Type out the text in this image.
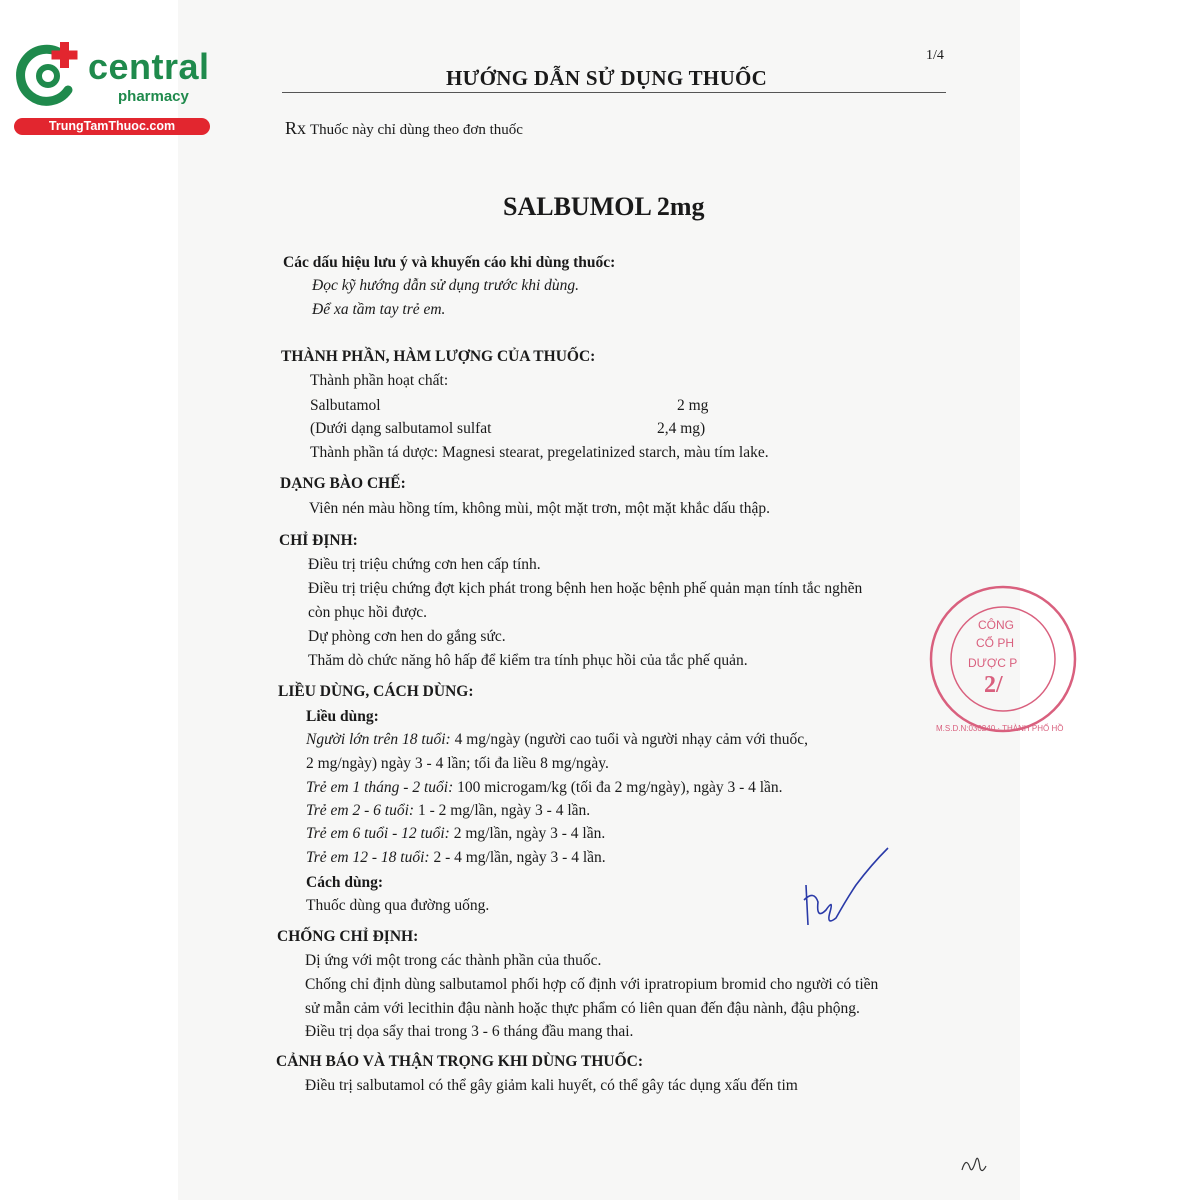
central
pharmacy
TrungTamThuoc.com
1/4
HƯỚNG DẪN SỬ DỤNG THUỐC
Rx Thuốc này chỉ dùng theo đơn thuốc
SALBUMOL 2mg
Các dấu hiệu lưu ý và khuyến cáo khi dùng thuốc:
Đọc kỹ hướng dẫn sử dụng trước khi dùng.
Để xa tầm tay trẻ em.
THÀNH PHẦN, HÀM LƯỢNG CỦA THUỐC:
Thành phần hoạt chất:
Salbutamol	2 mg
(Dưới dạng salbutamol sulfat	2,4 mg)
Thành phần tá dược: Magnesi stearat, pregelatinized starch, màu tím lake.
DẠNG BÀO CHẾ:
Viên nén màu hồng tím, không mùi, một mặt trơn, một mặt khắc dấu thập.
CHỈ ĐỊNH:
Điều trị triệu chứng cơn hen cấp tính.
Điều trị triệu chứng đợt kịch phát trong bệnh hen hoặc bệnh phế quản mạn tính tắc nghẽn
còn phục hồi được.
Dự phòng cơn hen do gắng sức.
Thăm dò chức năng hô hấp để kiểm tra tính phục hồi của tắc phế quản.
LIỀU DÙNG, CÁCH DÙNG:
Liều dùng:
Người lớn trên 18 tuổi: 4 mg/ngày (người cao tuổi và người nhạy cảm với thuốc,
2 mg/ngày) ngày 3 - 4 lần; tối đa liều 8 mg/ngày.
Trẻ em 1 tháng - 2 tuổi: 100 microgam/kg (tối đa 2 mg/ngày), ngày 3 - 4 lần.
Trẻ em 2 - 6 tuổi: 1 - 2 mg/lần, ngày 3 - 4 lần.
Trẻ em 6 tuổi - 12 tuổi: 2 mg/lần, ngày 3 - 4 lần.
Trẻ em 12 - 18 tuổi: 2 - 4 mg/lần, ngày 3 - 4 lần.
Cách dùng:
Thuốc dùng qua đường uống.
CHỐNG CHỈ ĐỊNH:
Dị ứng với một trong các thành phần của thuốc.
Chống chỉ định dùng salbutamol phối hợp cố định với ipratropium bromid cho người có tiền
sử mẫn cảm với lecithin đậu nành hoặc thực phẩm có liên quan đến đậu nành, đậu phộng.
Điều trị dọa sẩy thai trong 3 - 6 tháng đầu mang thai.
CẢNH BÁO VÀ THẬN TRỌNG KHI DÙNG THUỐC:
Điều trị salbutamol có thể gây giảm kali huyết, có thể gây tác dụng xấu đến tim
CÔNG
CỔ PH
DƯỢC P
2/
M.S.D.N:030240 · THÀNH PHỐ HỒ
